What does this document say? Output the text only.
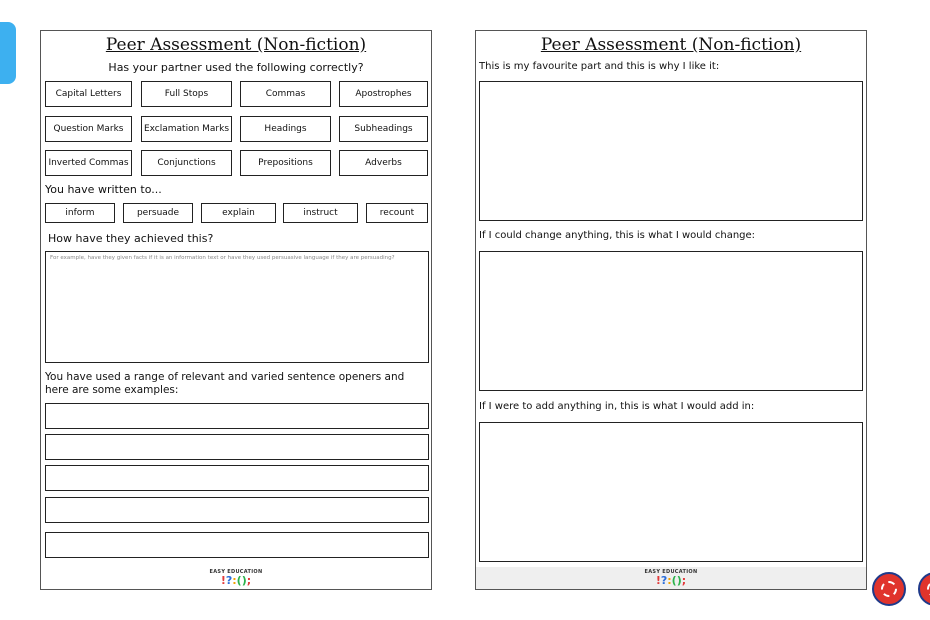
Peer Assessment (Non-fiction)
Has your partner used the following correctly?
Capital Letters	Full Stops	Commas	Apostrophes
Question Marks	Exclamation Marks	Headings	Subheadings
Inverted Commas	Conjunctions	Prepositions	Adverbs
You have written to...
inform	persuade	explain	instruct	recount
How have they achieved this?
For example, have they given facts if it is an information text or have they used persuasive language if they are persuading?
You have used a range of relevant and varied sentence openers and here are some examples:
EASY EDUCATION
!?:();
Peer Assessment (Non-fiction)
This is my favourite part and this is why I like it:
If I could change anything, this is what I would change:
If I were to add anything in, this is what I would add in:
EASY EDUCATION
!?:();
